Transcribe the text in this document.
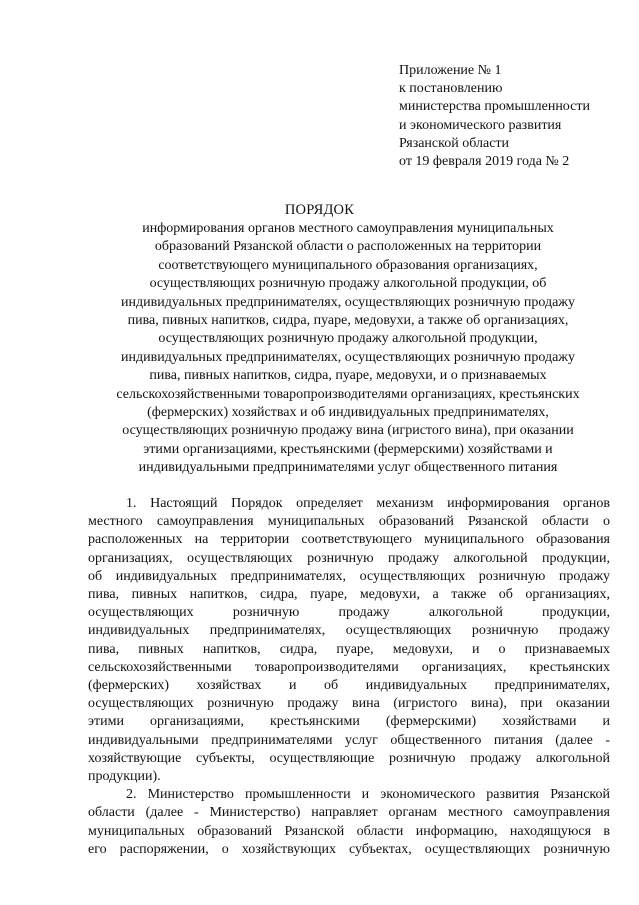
Приложение № 1
к постановлению
министерства промышленности
и экономического развития
Рязанской области
от 19 февраля 2019 года № 2
ПОРЯДОК
информирования органов местного самоуправления муниципальных
образований Рязанской области о расположенных на территории
соответствующего муниципального образования организациях,
осуществляющих розничную продажу алкогольной продукции, об
индивидуальных предпринимателях, осуществляющих розничную продажу
пива, пивных напитков, сидра, пуаре, медовухи, а также об организациях,
осуществляющих розничную продажу алкогольной продукции,
индивидуальных предпринимателях, осуществляющих розничную продажу
пива, пивных напитков, сидра, пуаре, медовухи, и о признаваемых
сельскохозяйственными товаропроизводителями организациях, крестьянских
(фермерских) хозяйствах и об индивидуальных предпринимателях,
осуществляющих розничную продажу вина (игристого вина), при оказании
этими организациями, крестьянскими (фермерскими) хозяйствами и
индивидуальными предпринимателями услуг общественного питания
1. Настоящий Порядок определяет механизм информирования органов
местного самоуправления муниципальных образований Рязанской области о
расположенных на территории соответствующего муниципального образования
организациях, осуществляющих розничную продажу алкогольной продукции,
об индивидуальных предпринимателях, осуществляющих розничную продажу
пива, пивных напитков, сидра, пуаре, медовухи, а также об организациях,
осуществляющих розничную продажу алкогольной продукции,
индивидуальных предпринимателях, осуществляющих розничную продажу
пива, пивных напитков, сидра, пуаре, медовухи, и о признаваемых
сельскохозяйственными товаропроизводителями организациях, крестьянских
(фермерских) хозяйствах и об индивидуальных предпринимателях,
осуществляющих розничную продажу вина (игристого вина), при оказании
этими организациями, крестьянскими (фермерскими) хозяйствами и
индивидуальными предпринимателями услуг общественного питания (далее -
хозяйствующие субъекты, осуществляющие розничную продажу алкогольной
продукции).
2. Министерство промышленности и экономического развития Рязанской
области (далее - Министерство) направляет органам местного самоуправления
муниципальных образований Рязанской области информацию, находящуюся в
его распоряжении, о хозяйствующих субъектах, осуществляющих розничную
